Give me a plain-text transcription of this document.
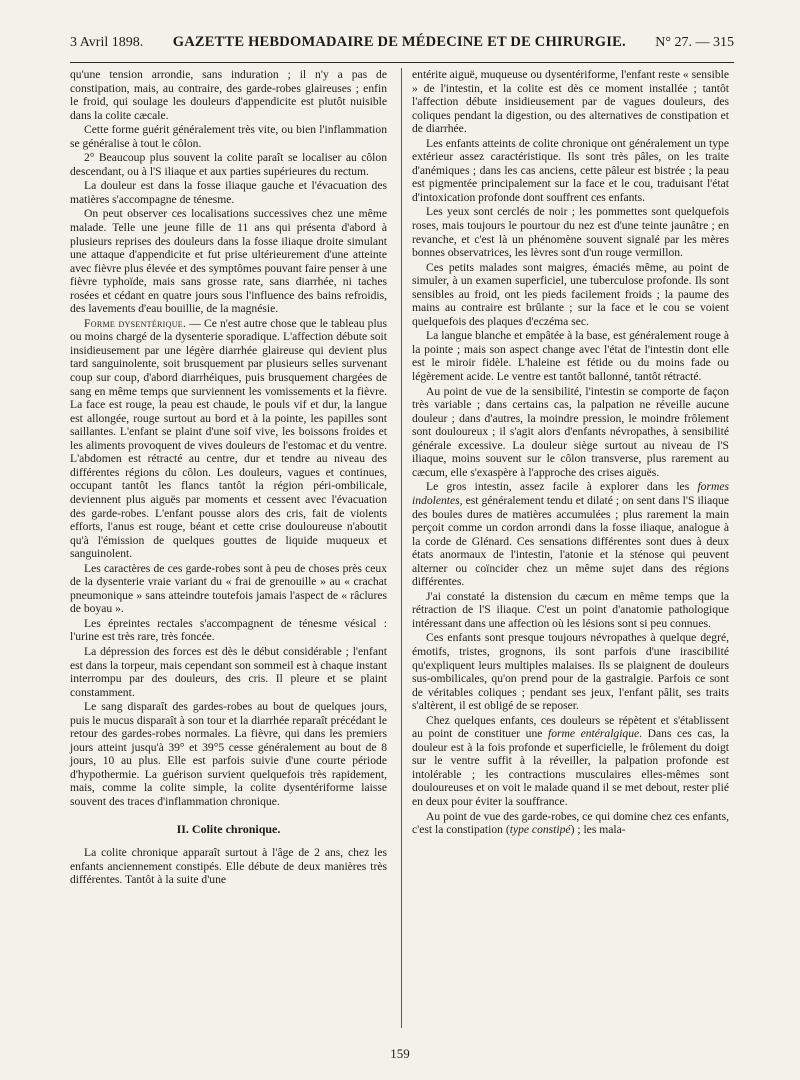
3 Avril 1898. GAZETTE HEBDOMADAIRE DE MÉDECINE ET DE CHIRURGIE. N° 27. — 315

qu'une tension arrondie, sans induration ; il n'y a pas de constipation, mais, au contraire, des garde-robes glaireuses ; enfin le froid, qui soulage les douleurs d'appendicite est plutôt nuisible dans la colite cæcale.

Cette forme guérit généralement très vite, ou bien l'inflammation se généralise à tout le côlon.

2° Beaucoup plus souvent la colite paraît se localiser au côlon descendant, ou à l'S iliaque et aux parties supérieures du rectum.

La douleur est dans la fosse iliaque gauche et l'évacuation des matières s'accompagne de ténesme.

On peut observer ces localisations successives chez une même malade. Telle une jeune fille de 11 ans qui présenta d'abord à plusieurs reprises des douleurs dans la fosse iliaque droite simulant une attaque d'appendicite et fut prise ultérieurement d'une atteinte avec fièvre plus élevée et des symptômes pouvant faire penser à une fièvre typhoïde, mais sans grosse rate, sans diarrhée, ni taches rosées et cédant en quatre jours sous l'influence des bains refroidis, des lavements d'eau bouillie, de la magnésie.

Forme dysentérique. — Ce n'est autre chose que le tableau plus ou moins chargé de la dysenterie sporadique. L'affection débute soit insidieusement par une légère diarrhée glaireuse qui devient plus tard sanguinolente, soit brusquement par plusieurs selles survenant coup sur coup, d'abord diarrhéiques, puis brusquement chargées de sang en même temps que surviennent les vomissements et la fièvre. La face est rouge, la peau est chaude, le pouls vif et dur, la langue est allongée, rouge surtout au bord et à la pointe, les papilles sont saillantes. L'enfant se plaint d'une soif vive, les boissons froides et les aliments provoquent de vives douleurs de l'estomac et du ventre. L'abdomen est rétracté au centre, dur et tendre au niveau des différentes régions du côlon. Les douleurs, vagues et continues, occupant tantôt les flancs tantôt la région péri-ombilicale, deviennent plus aiguës par moments et cessent avec l'évacuation des garde-robes. L'enfant pousse alors des cris, fait de violents efforts, l'anus est rouge, béant et cette crise douloureuse n'aboutit qu'à l'émission de quelques gouttes de liquide muqueux et sanguinolent.

Les caractères de ces garde-robes sont à peu de choses près ceux de la dysenterie vraie variant du « frai de grenouille » au « crachat pneumonique » sans atteindre toutefois jamais l'aspect de « râclures de boyau ».

Les épreintes rectales s'accompagnent de ténesme vésical : l'urine est très rare, très foncée.

La dépression des forces est dès le début considérable ; l'enfant est dans la torpeur, mais cependant son sommeil est à chaque instant interrompu par des douleurs, des cris. Il pleure et se plaint constamment.

Le sang disparaît des gardes-robes au bout de quelques jours, puis le mucus disparaît à son tour et la diarrhée reparaît précédant le retour des gardes-robes normales. La fièvre, qui dans les premiers jours atteint jusqu'à 39° et 39°5 cesse généralement au bout de 8 jours, 10 au plus. Elle est parfois suivie d'une courte période d'hypothermie. La guérison survient quelquefois très rapidement, mais, comme la colite simple, la colite dysentériforme laisse souvent des traces d'inflammation chronique.

II. Colite chronique.

La colite chronique apparaît surtout à l'âge de 2 ans, chez les enfants anciennement constipés. Elle débute de deux manières très différentes. Tantôt à la suite d'une

entérite aiguë, muqueuse ou dysentériforme, l'enfant reste « sensible » de l'intestin, et la colite est dès ce moment installée ; tantôt l'affection débute insidieusement par de vagues douleurs, des coliques pendant la digestion, ou des alternatives de constipation et de diarrhée.

Les enfants atteints de colite chronique ont généralement un type extérieur assez caractéristique. Ils sont très pâles, on les traite d'anémiques ; dans les cas anciens, cette pâleur est bistrée ; la peau est pigmentée principalement sur la face et le cou, traduisant l'état d'intoxication profonde dont souffrent ces enfants.

Les yeux sont cerclés de noir ; les pommettes sont quelquefois roses, mais toujours le pourtour du nez est d'une teinte jaunâtre ; en revanche, et c'est là un phénomène souvent signalé par les mères bonnes observatrices, les lèvres sont d'un rouge vermillon.

Ces petits malades sont maigres, émaciés même, au point de simuler, à un examen superficiel, une tuberculose profonde. Ils sont sensibles au froid, ont les pieds facilement froids ; la paume des mains au contraire est brûlante ; sur la face et le cou se voient quelquefois des plaques d'eczéma sec.

La langue blanche et empâtée à la base, est généralement rouge à la pointe ; mais son aspect change avec l'état de l'intestin dont elle est le miroir fidèle. L'haleine est fétide ou du moins fade ou légèrement acide. Le ventre est tantôt ballonné, tantôt rétracté.

Au point de vue de la sensibilité, l'intestin se comporte de façon très variable ; dans certains cas, la palpation ne réveille aucune douleur ; dans d'autres, la moindre pression, le moindre frôlement sont douloureux ; il s'agit alors d'enfants névropathes, à sensibilité générale excessive. La douleur siège surtout au niveau de l'S iliaque, moins souvent sur le côlon transverse, plus rarement au cæcum, elle s'exaspère à l'approche des crises aiguës.

Le gros intestin, assez facile à explorer dans les formes indolentes, est généralement tendu et dilaté ; on sent dans l'S iliaque des boules dures de matières accumulées ; plus rarement la main perçoit comme un cordon arrondi dans la fosse iliaque, analogue à la corde de Glénard. Ces sensations différentes sont dues à deux états anormaux de l'intestin, l'atonie et la sténose qui peuvent alterner ou coïncider chez un même sujet dans des régions différentes.

J'ai constaté la distension du cæcum en même temps que la rétraction de l'S iliaque. C'est un point d'anatomie pathologique intéressant dans une affection où les lésions sont si peu connues.

Ces enfants sont presque toujours névropathes à quelque degré, émotifs, tristes, grognons, ils sont parfois d'une irascibilité qu'expliquent leurs multiples malaises. Ils se plaignent de douleurs sus-ombilicales, qu'on prend pour de la gastralgie. Parfois ce sont de véritables coliques ; pendant ses jeux, l'enfant pâlit, ses traits s'altèrent, il est obligé de se reposer.

Chez quelques enfants, ces douleurs se répètent et s'établissent au point de constituer une forme entéralgique. Dans ces cas, la douleur est à la fois profonde et superficielle, le frôlement du doigt sur le ventre suffit à la réveiller, la palpation profonde est intolérable ; les contractions musculaires elles-mêmes sont douloureuses et on voit le malade quand il se met debout, rester plié en deux pour éviter la souffrance.

Au point de vue des garde-robes, ce qui domine chez ces enfants, c'est la constipation (type constipé) ; les mala-

159
